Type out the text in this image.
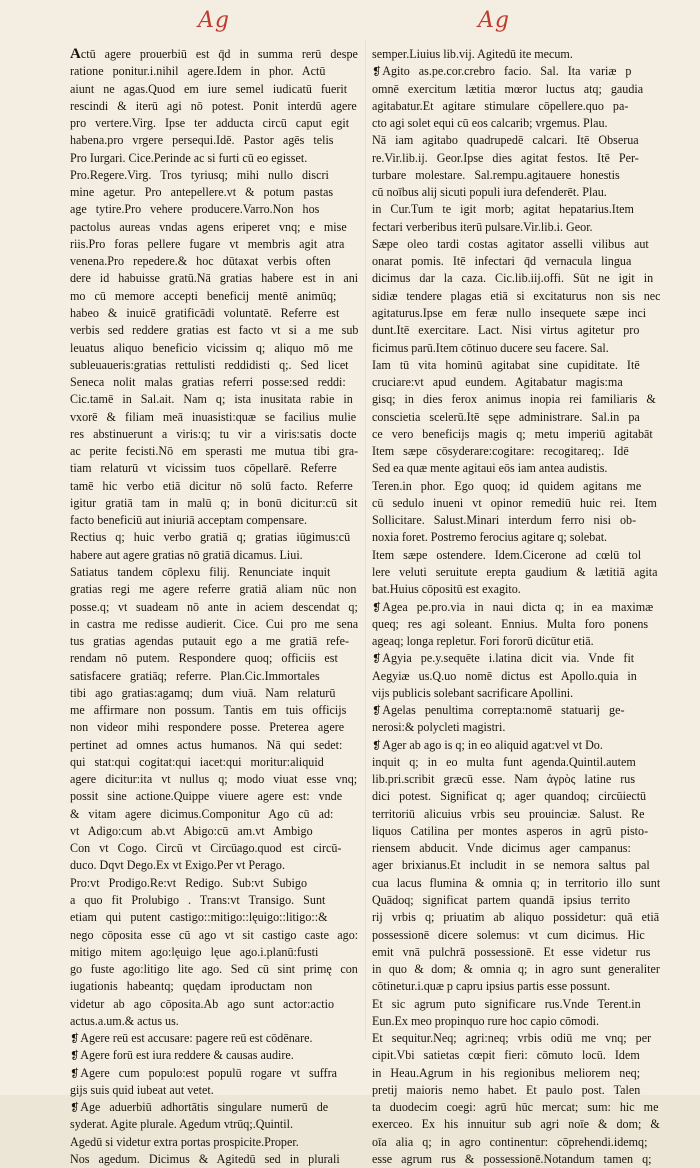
Ag	Ag
Actū agere prouerbiū est q̄d in summa rerū despe
ratione ponitur.i.nihil agere.Idem in phor. Actū
aiunt ne agas.Quod em iure semel iudicatū fuerit
rescindi & iterū agi nō potest. Ponit interdū agere
pro vertere.Virg. Ipse ter adducta circū caput egit
habena.pro vrgere persequi.Idē. Pastor agēs telis
Pro Iurgari. Cice.Perinde ac si furti cū eo egisset.
Pro.Regere.Virg. Tros tyriusq; mihi nullo discri
mine agetur. Pro antepellere.vt & potum pastas
age tytire.Pro vehere producere.Varro.Non hos
pactolus aureas vndas agens eriperet vnq; e mise
riis.Pro foras pellere fugare vt membris agit atra
venena.Pro repedere.& hoc dūtaxat verbis often
dere id habuisse gratū.Nā gratias habere est in ani
mo cū memore accepti beneficij mentē animūq;
habeo & inuicē gratificādi voluntatē. Referre est
verbis sed reddere gratias est facto vt si a me sub
leuatus aliquo beneficio vicissim q; aliquo mō me
subleuaueris:gratias rettulisti reddidisti q;. Sed licet
Seneca nolit malas gratias referri posse:sed reddi:
Cic.tamē in Sal.ait. Nam q; ista inusitata rabie in
vxorē & filiam meā inuasisti:quæ se facilius mulie
res abstinuerunt a viris:q; tu vir a viris:satis docte
ac perite fecisti.Nō em sperasti me mutua tibi gra-
tiam relaturū vt vicissim tuos cōpellarē. Referre
tamē hic verbo etiā dicitur nō solū facto. Referre
igitur gratiā tam in malū q; in bonū dicitur:cū sit
facto beneficiū aut iniuriā acceptam compensare.
Rectius q; huic verbo gratiā q; gratias iūgimus:cū
habere aut agere gratias nō gratiā dicamus. Liui.
Satiatus tandem cōplexu filij. Renunciate inquit
gratias regi me agere referre gratiā aliam nūc non
posse.q; vt suadeam nō ante in aciem descendat q;
in castra me redisse audierit. Cice. Cui pro me sena
tus gratias agendas putauit ego a me gratiā refe-
rendam nō putem. Respondere quoq; officiis est
satisfacere gratiāq; referre. Plan.Cic.Immortales
tibi ago gratias:agamq; dum viuā. Nam relaturū
me affirmare non possum. Tantis em tuis officijs
non videor mihi respondere posse. Preterea agere
pertinet ad omnes actus humanos. Nā qui sedet:
qui stat:qui cogitat:qui iacet:qui moritur:aliquid
agere dicitur:ita vt nullus q; modo viuat esse vnq;
possit sine actione.Quippe viuere agere est: vnde
& vitam agere dicimus.Componitur Ago cū ad:
vt Adigo:cum ab.vt Abigo:cū am.vt Ambigo
Con vt Cogo. Circū vt Circūago.quod est circū-
duco. Dqvt Dego.Ex vt Exigo.Per vt Perago.
Pro:vt Prodigo.Re:vt Redigo. Sub:vt Subigo
a quo fit Prolubigo . Trans:vt Transigo. Sunt
etiam qui putent castigo::mitigo::lęuigo::litigo::&
nego cōposita esse cū ago vt sit castigo caste ago:
mitigo mitem ago:lęuigo lęue ago.i.planū:fusti
go fuste ago:litigo lite ago. Sed cū sint primę con
iugationis habeantq; quędam iproductam non
videtur ab ago cōposita.Ab ago sunt actor:actio
actus.a.um.& actus us.
❡ Agere reū est accusare: pagere reū est cōdēnare.
❡ Agere forū est iura reddere & causas audire.
❡ Agere cum populo:est populū rogare vt suffra
gijs suis quid iubeat aut vetet.
❡ Age aduerbiū adhortātis singulare numerū de
syderat. Agite plurale. Agedum vtrūq;.Quintil.
Agedū si videtur extra portas prospicite.Proper.
Nos agedum. Dicimus & Agitedū sed in plurali
semper.Liuius lib.vij. Agitedū ite mecum.
❡ Agito as.pe.cor.crebro facio. Sal. Ita variæ p
omnē exercitum lætitia mœror luctus atq; gaudia
agitabatur.Et agitare stimulare cōpellere.quo pa-
cto agi solet equi cū eos calcarib; vrgemus. Plau.
Nā iam agitabo quadrupedē calcari. Itē Obserua
re.Vir.lib.ij. Geor.Ipse dies agitat festos. Itē Per-
turbare molestare. Sal.rempu.agitauere honestis
cū noībus alij sicuti populi iura defenderēt. Plau.
in Cur.Tum te igit morb; agitat hepatarius.Item
fectari verberibus iterū pulsare.Vir.lib.i. Geor.
Sæpe oleo tardi costas agitator asselli vilibus aut
onarat pomis. Itē infectari q̄d vernacula lingua
dicimus dar la caza. Cic.lib.iij.offi. Sūt ne igit in
sidiæ tendere plagas etiā si excitaturus non sis nec
agitaturus.Ipse em feræ nullo insequete sæpe inci
dunt.Itē exercitare. Lact. Nisi virtus agitetur pro
ficimus parū.Item cōtinuo ducere seu facere. Sal.
Iam tū vita hominū agitabat sine cupiditate. Itē
cruciare:vt apud eundem. Agitabatur magis:ma
gisq; in dies ferox animus inopia rei familiaris &
conscietia scelerū.Itē sępe administrare. Sal.in pa
ce vero beneficijs magis q; metu imperiū agitabāt
Item sæpe cōsyderare:cogitare: recogitareq;. Idē
Sed ea quæ mente agitaui eōs iam antea audistis.
Teren.in phor. Ego quoq; id quidem agitans me
cū sedulo inueni vt opinor remediū huic rei. Item
Sollicitare. Salust.Minari interdum ferro nisi ob-
noxia foret. Postremo ferocius agitare q; solebat.
Item sæpe ostendere. Idem.Cicerone ad cœlū tol
lere veluti seruitute erepta gaudium & lætitiā agita
bat.Huius cōpositū est exagito.
❡ Agea pe.pro.via in naui dicta q; in ea maximæ
queq; res agi soleant. Ennius. Multa foro ponens
ageaq; longa repletur. Fori fororū dicūtur etiā.
❡ Agyia pe.y.sequēte i.latina dicit via. Vnde fit
Aegyiæ us.Q.uo nomē dictus est Apollo.quia in
vijs publicis solebant sacrificare Apollini.
❡ Agelas penultima correpta:nomē statuarij ge-
nerosi:& polycleti magistri.
❡ Ager ab ago is q; in eo aliquid agat:vel vt Do.
inquit q; in eo multa funt agenda.Quintil.autem
lib.pri.scribit græcū esse. Nam ἀγρὸς latine rus
dici potest. Significat q; ager quandoq; circūiectū
territoriū alicuius vrbis seu prouinciæ. Salust. Re
liquos Catilina per montes asperos in agrū pisto-
riensem abducit. Vnde dicimus ager campanus:
ager brixianus.Et includit in se nemora saltus pal
cua lacus flumina & omnia q; in territorio illo sunt
Quādoq; significat partem quandā ipsius territo
rij vrbis q; priuatim ab aliquo possidetur: quā etiā
possessionē dicere solemus: vt cum dicimus. Hic
emit vnā pulchrā possessionē. Et esse videtur rus
in quo & dom; & omnia q; in agro sunt generaliter
cōtinetur.i.quæ p capru ipsius partis esse possunt.
Et sic agrum puto significare rus.Vnde Terent.in
Eun.Ex meo propinquo rure hoc capio cōmodi.
Et sequitur.Neq; agri:neq; vrbis odiū me vnq; per
cipit.Vbi satietas cœpit fieri: cōmuto locū. Idem
in Heau.Agrum in his regionibus meliorem neq;
pretij maioris nemo habet. Et paulo post. Talen
ta duodecim coegi: agrū hūc mercat; sum: hic me
exerceo. Ex his innuitur sub agri noīe & dom; &
oīa alia q; in agro continentur: cōprehendi.idemq;
esse agrum rus & possessionē.Notandum tamen q;
